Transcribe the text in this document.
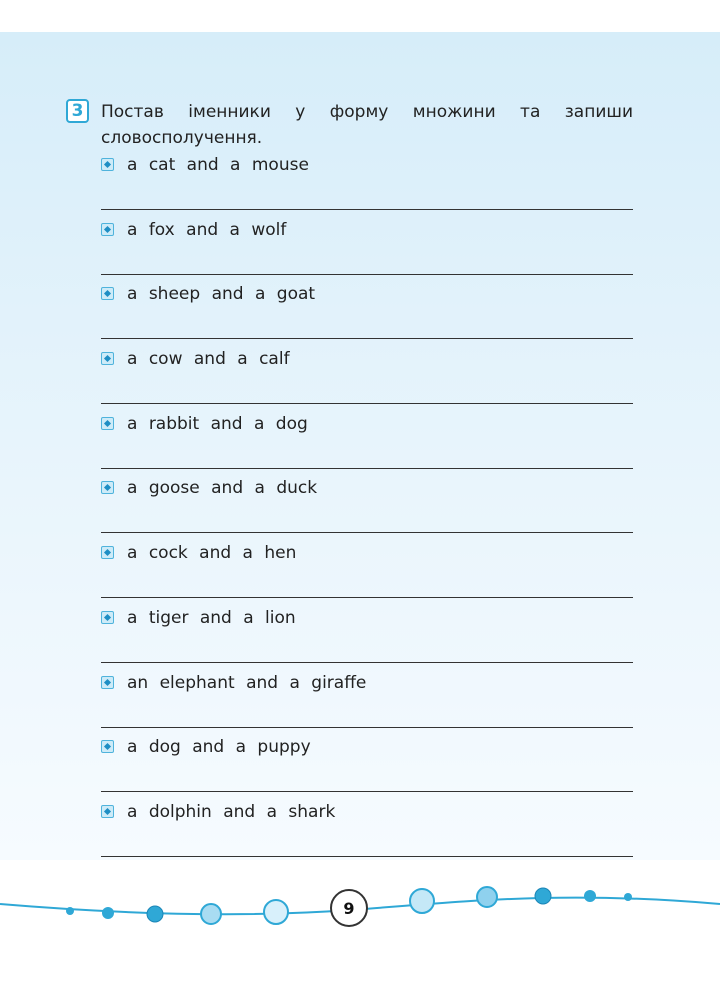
3	Постав іменники у форму множини та запиши словосполучення.

a cat and a mouse
a fox and a wolf
a sheep and a goat
a cow and a calf
a rabbit and a dog
a goose and a duck
a cock and a hen
a tiger and a lion
an elephant and a giraffe
a dog and a puppy
a dolphin and a shark
9
